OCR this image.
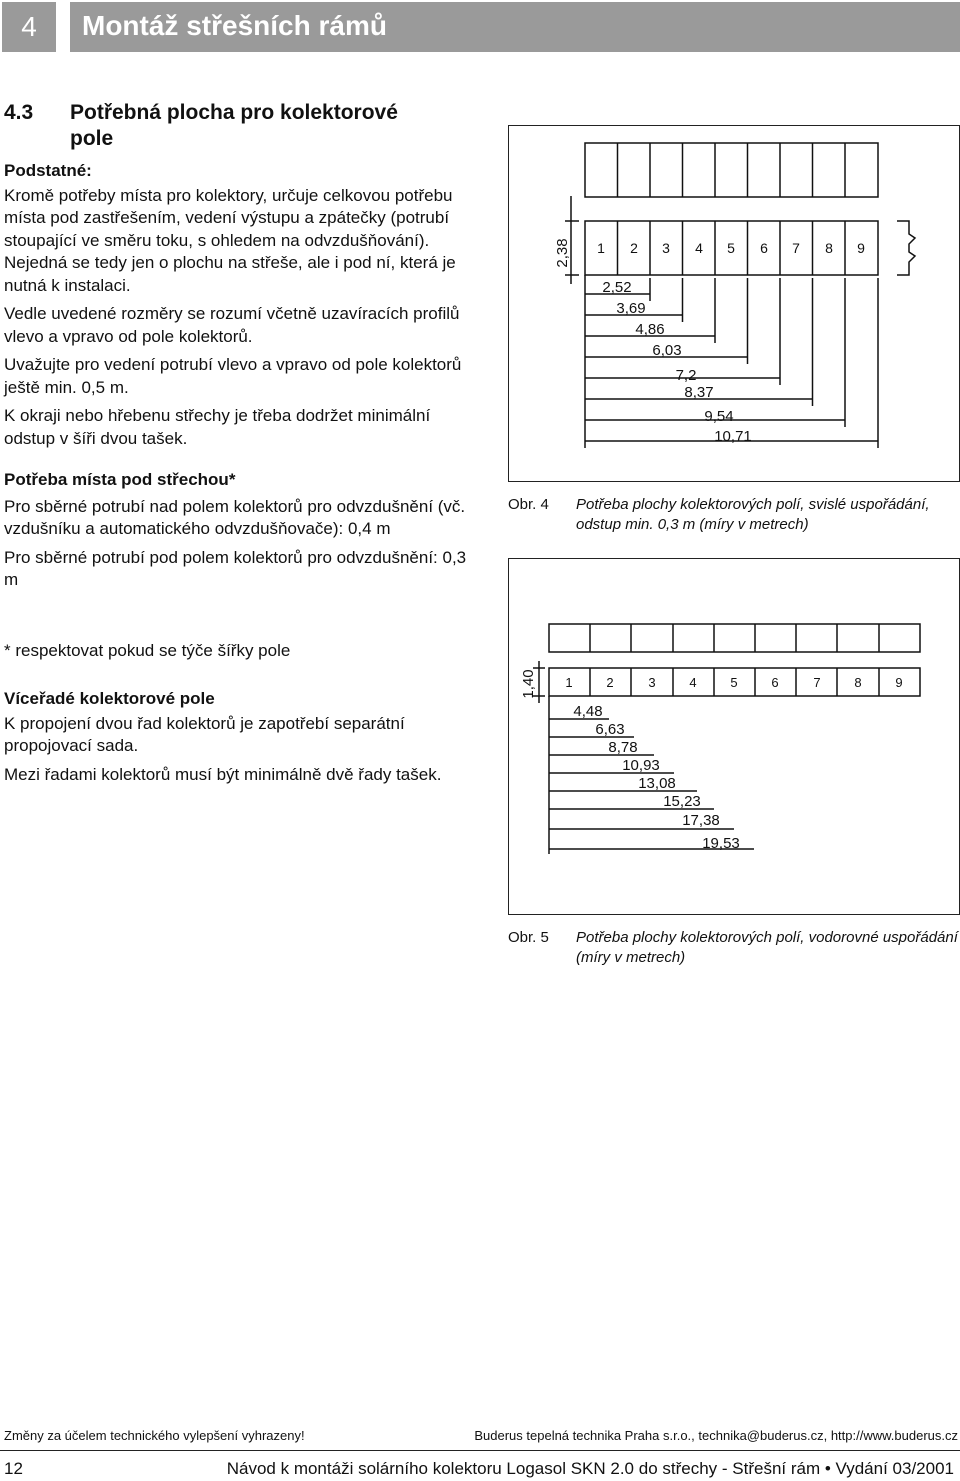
4	Montáž střešních rámů
4.3 Potřebná plocha pro kolektorové
pole

Podstatné:

Kromě potřeby místa pro kolektory, určuje celkovou potřebu místa pod zastřešením, vedení výstupu a zpátečky (potrubí stoupající ve směru toku, s ohledem na odvzdušňování). Nejedná se tedy jen o plochu na střeše, ale i pod ní, která je nutná k instalaci.

Vedle uvedené rozměry se rozumí včetně uzavíracích profilů vlevo a vpravo od pole kolektorů.

Uvažujte pro vedení potrubí vlevo a vpravo od pole kolektorů ještě min. 0,5 m.

K okraji nebo hřebenu střechy je třeba dodržet minimální odstup v šíři dvou tašek.

Potřeba místa pod střechou*

Pro sběrné potrubí nad polem kolektorů pro odvzdušnění (vč. vzdušníku a automatického odvzdušňovače): 0,4 m

Pro sběrné potrubí pod polem kolektorů pro odvzdušnění: 0,3 m

* respektovat pokud se týče šířky pole

Víceřadé kolektorové pole

K propojení dvou řad kolektorů je zapotřebí separátní propojovací sada.

Mezi řadami kolektorů musí být minimálně dvě řady tašek.

1 2 3 4 5 6 7 8 9
2,38
2,52
3,69
4,86
6,03
7,2
8,37
9,54
10,71
Obr. 4 Potřeba plochy kolektorových polí, svislé uspořádání, odstup min. 0,3 m (míry v metrech)
1	2	3	4	5	6	7	8	9
1,40
4,48
6,63
8,78
10,93
13,08
15,23
17,38
19,53
Obr. 5 Potřeba plochy kolektorových polí, vodorovné uspořádání (míry v metrech)
Změny za účelem technického vylepšení vyhrazeny!	Buderus tepelná technika Praha s.r.o., technika@buderus.cz, http://www.buderus.cz
12	Návod k montáži solárního kolektoru Logasol SKN 2.0 do střechy - Střešní rám • Vydání 03/2001
